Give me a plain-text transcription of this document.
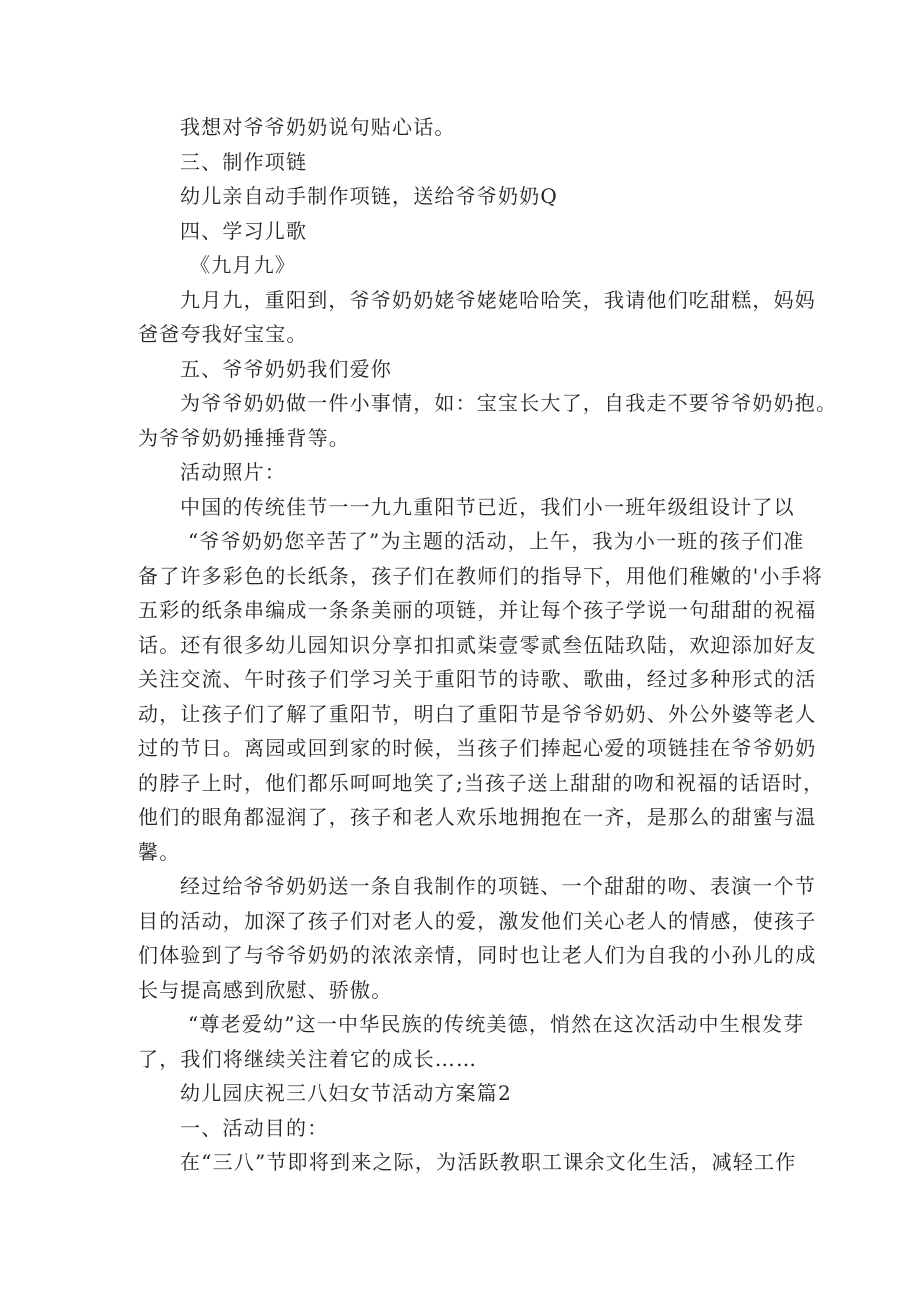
我想对爷爷奶奶说句贴心话。

三、制作项链

幼儿亲自动手制作项链，送给爷爷奶奶Q

四、学习儿歌

《九月九》

九月九，重阳到，爷爷奶奶姥爷姥姥哈哈笑，我请他们吃甜糕，妈妈

爸爸夸我好宝宝。

五、爷爷奶奶我们爱你

为爷爷奶奶做一件小事情，如：宝宝长大了，自我走不要爷爷奶奶抱。

为爷爷奶奶捶捶背等。

活动照片：

中国的传统佳节一一九九重阳节已近，我们小一班年级组设计了以

“爷爷奶奶您辛苦了”为主题的活动，上午，我为小一班的孩子们准

备了许多彩色的长纸条，孩子们在教师们的指导下，用他们稚嫩的'小手将

五彩的纸条串编成一条条美丽的项链，并让每个孩子学说一句甜甜的祝福

话。还有很多幼儿园知识分享扣扣贰柒壹零贰叁伍陆玖陆，欢迎添加好友

关注交流、午时孩子们学习关于重阳节的诗歌、歌曲，经过多种形式的活

动，让孩子们了解了重阳节，明白了重阳节是爷爷奶奶、外公外婆等老人

过的节日。离园或回到家的时候，当孩子们捧起心爱的项链挂在爷爷奶奶

的脖子上时，他们都乐呵呵地笑了;当孩子送上甜甜的吻和祝福的话语时，

他们的眼角都湿润了，孩子和老人欢乐地拥抱在一齐，是那么的甜蜜与温

馨。

经过给爷爷奶奶送一条自我制作的项链、一个甜甜的吻、表演一个节

目的活动，加深了孩子们对老人的爱，激发他们关心老人的情感，使孩子

们体验到了与爷爷奶奶的浓浓亲情，同时也让老人们为自我的小孙儿的成

长与提高感到欣慰、骄傲。

“尊老爱幼”这一中华民族的传统美德，悄然在这次活动中生根发芽

了，我们将继续关注着它的成长……

幼儿园庆祝三八妇女节活动方案篇2

一、活动目的：

在“三八”节即将到来之际，为活跃教职工课余文化生活，减轻工作
